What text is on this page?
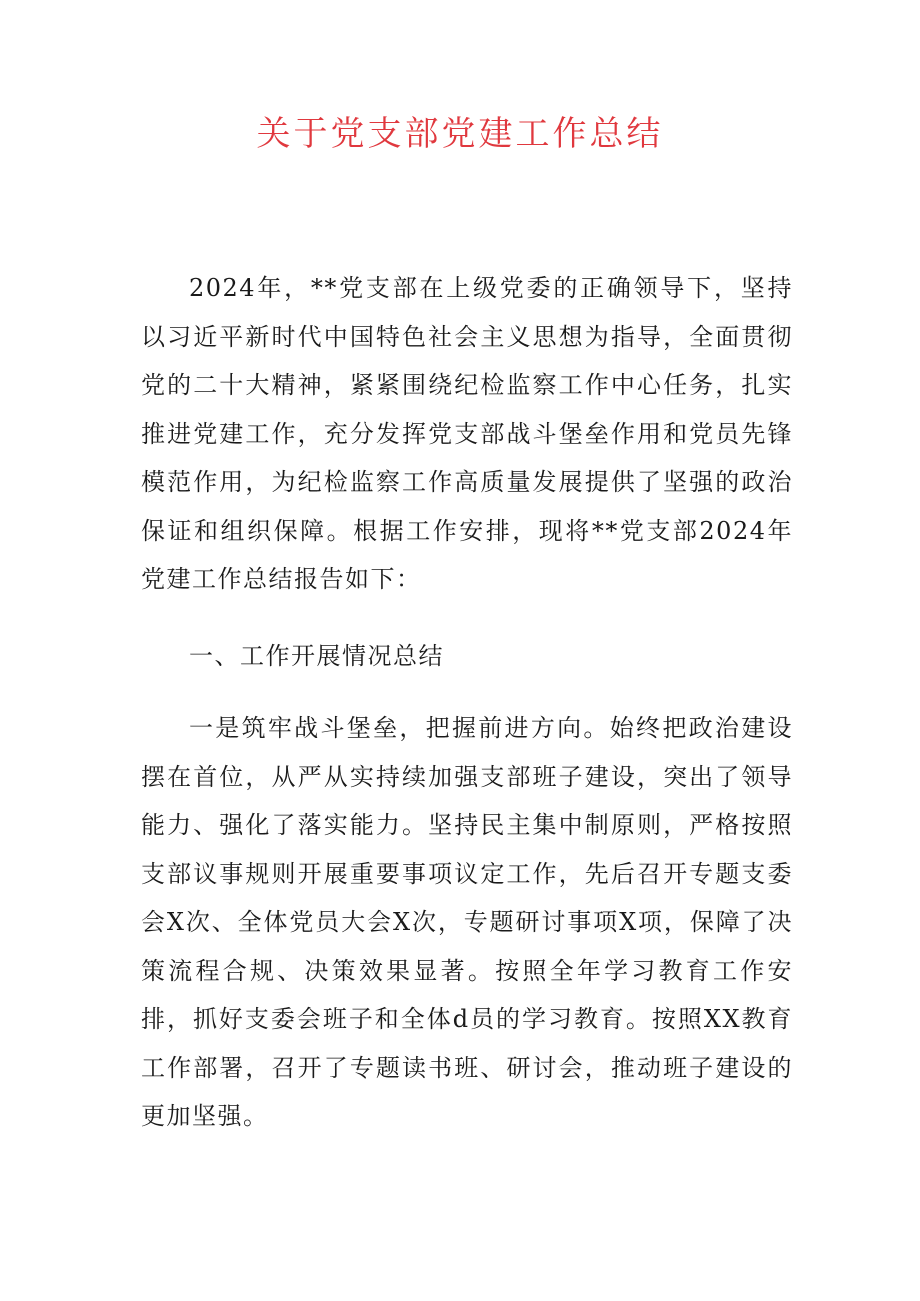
关于党支部党建工作总结

2024年，**党支部在上级党委的正确领导下，坚持以习近平新时代中国特色社会主义思想为指导，全面贯彻党的二十大精神，紧紧围绕纪检监察工作中心任务，扎实推进党建工作，充分发挥党支部战斗堡垒作用和党员先锋模范作用，为纪检监察工作高质量发展提供了坚强的政治保证和组织保障。根据工作安排，现将**党支部2024年党建工作总结报告如下：

一、工作开展情况总结

一是筑牢战斗堡垒，把握前进方向。始终把政治建设摆在首位，从严从实持续加强支部班子建设，突出了领导能力、强化了落实能力。坚持民主集中制原则，严格按照支部议事规则开展重要事项议定工作，先后召开专题支委会X次、全体党员大会X次，专题研讨事项X项，保障了决策流程合规、决策效果显著。按照全年学习教育工作安排，抓好支委会班子和全体d员的学习教育。按照XX教育工作部署，召开了专题读书班、研讨会，推动班子建设的更加坚强。
